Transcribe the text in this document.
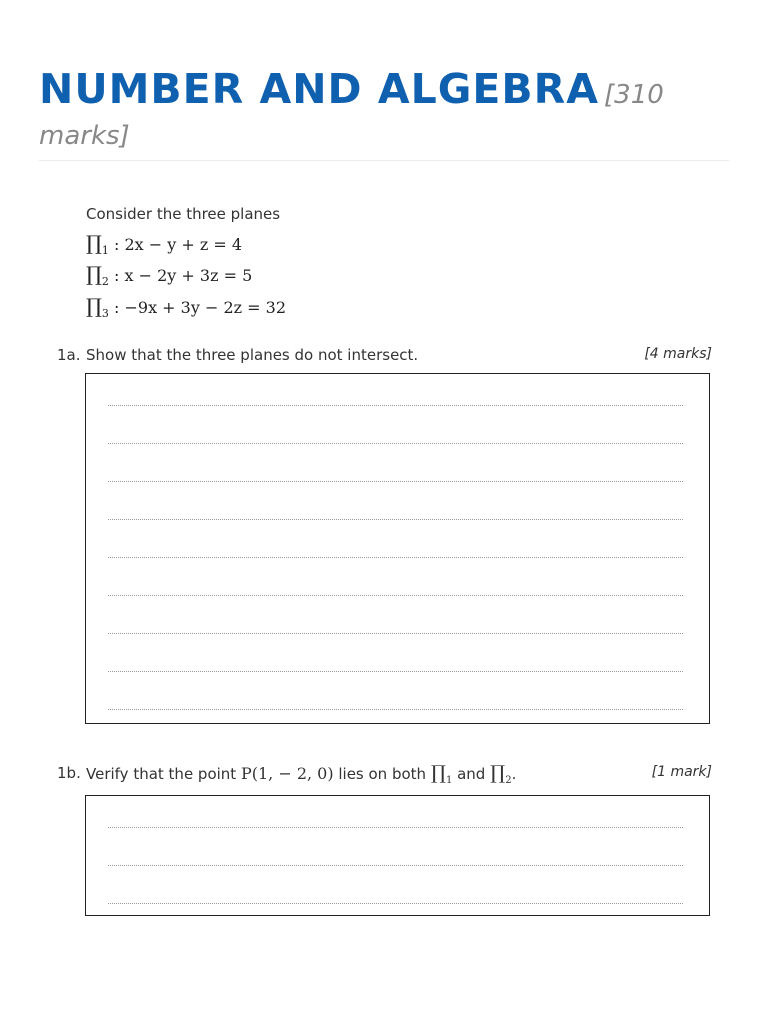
NUMBER AND ALGEBRA [310
marks]
Consider the three planes
$\prod_1$ : 2x − y + z = 4
$\prod_2$ : x − 2y + 3z = 5
$\prod_3$ : −9x + 3y − 2z = 32
1a. Show that the three planes do not intersect.	[4 marks]
1b. Verify that the point P(1, − 2, 0) lies on both $\prod_1$ and $\prod_2$.	[1 mark]
